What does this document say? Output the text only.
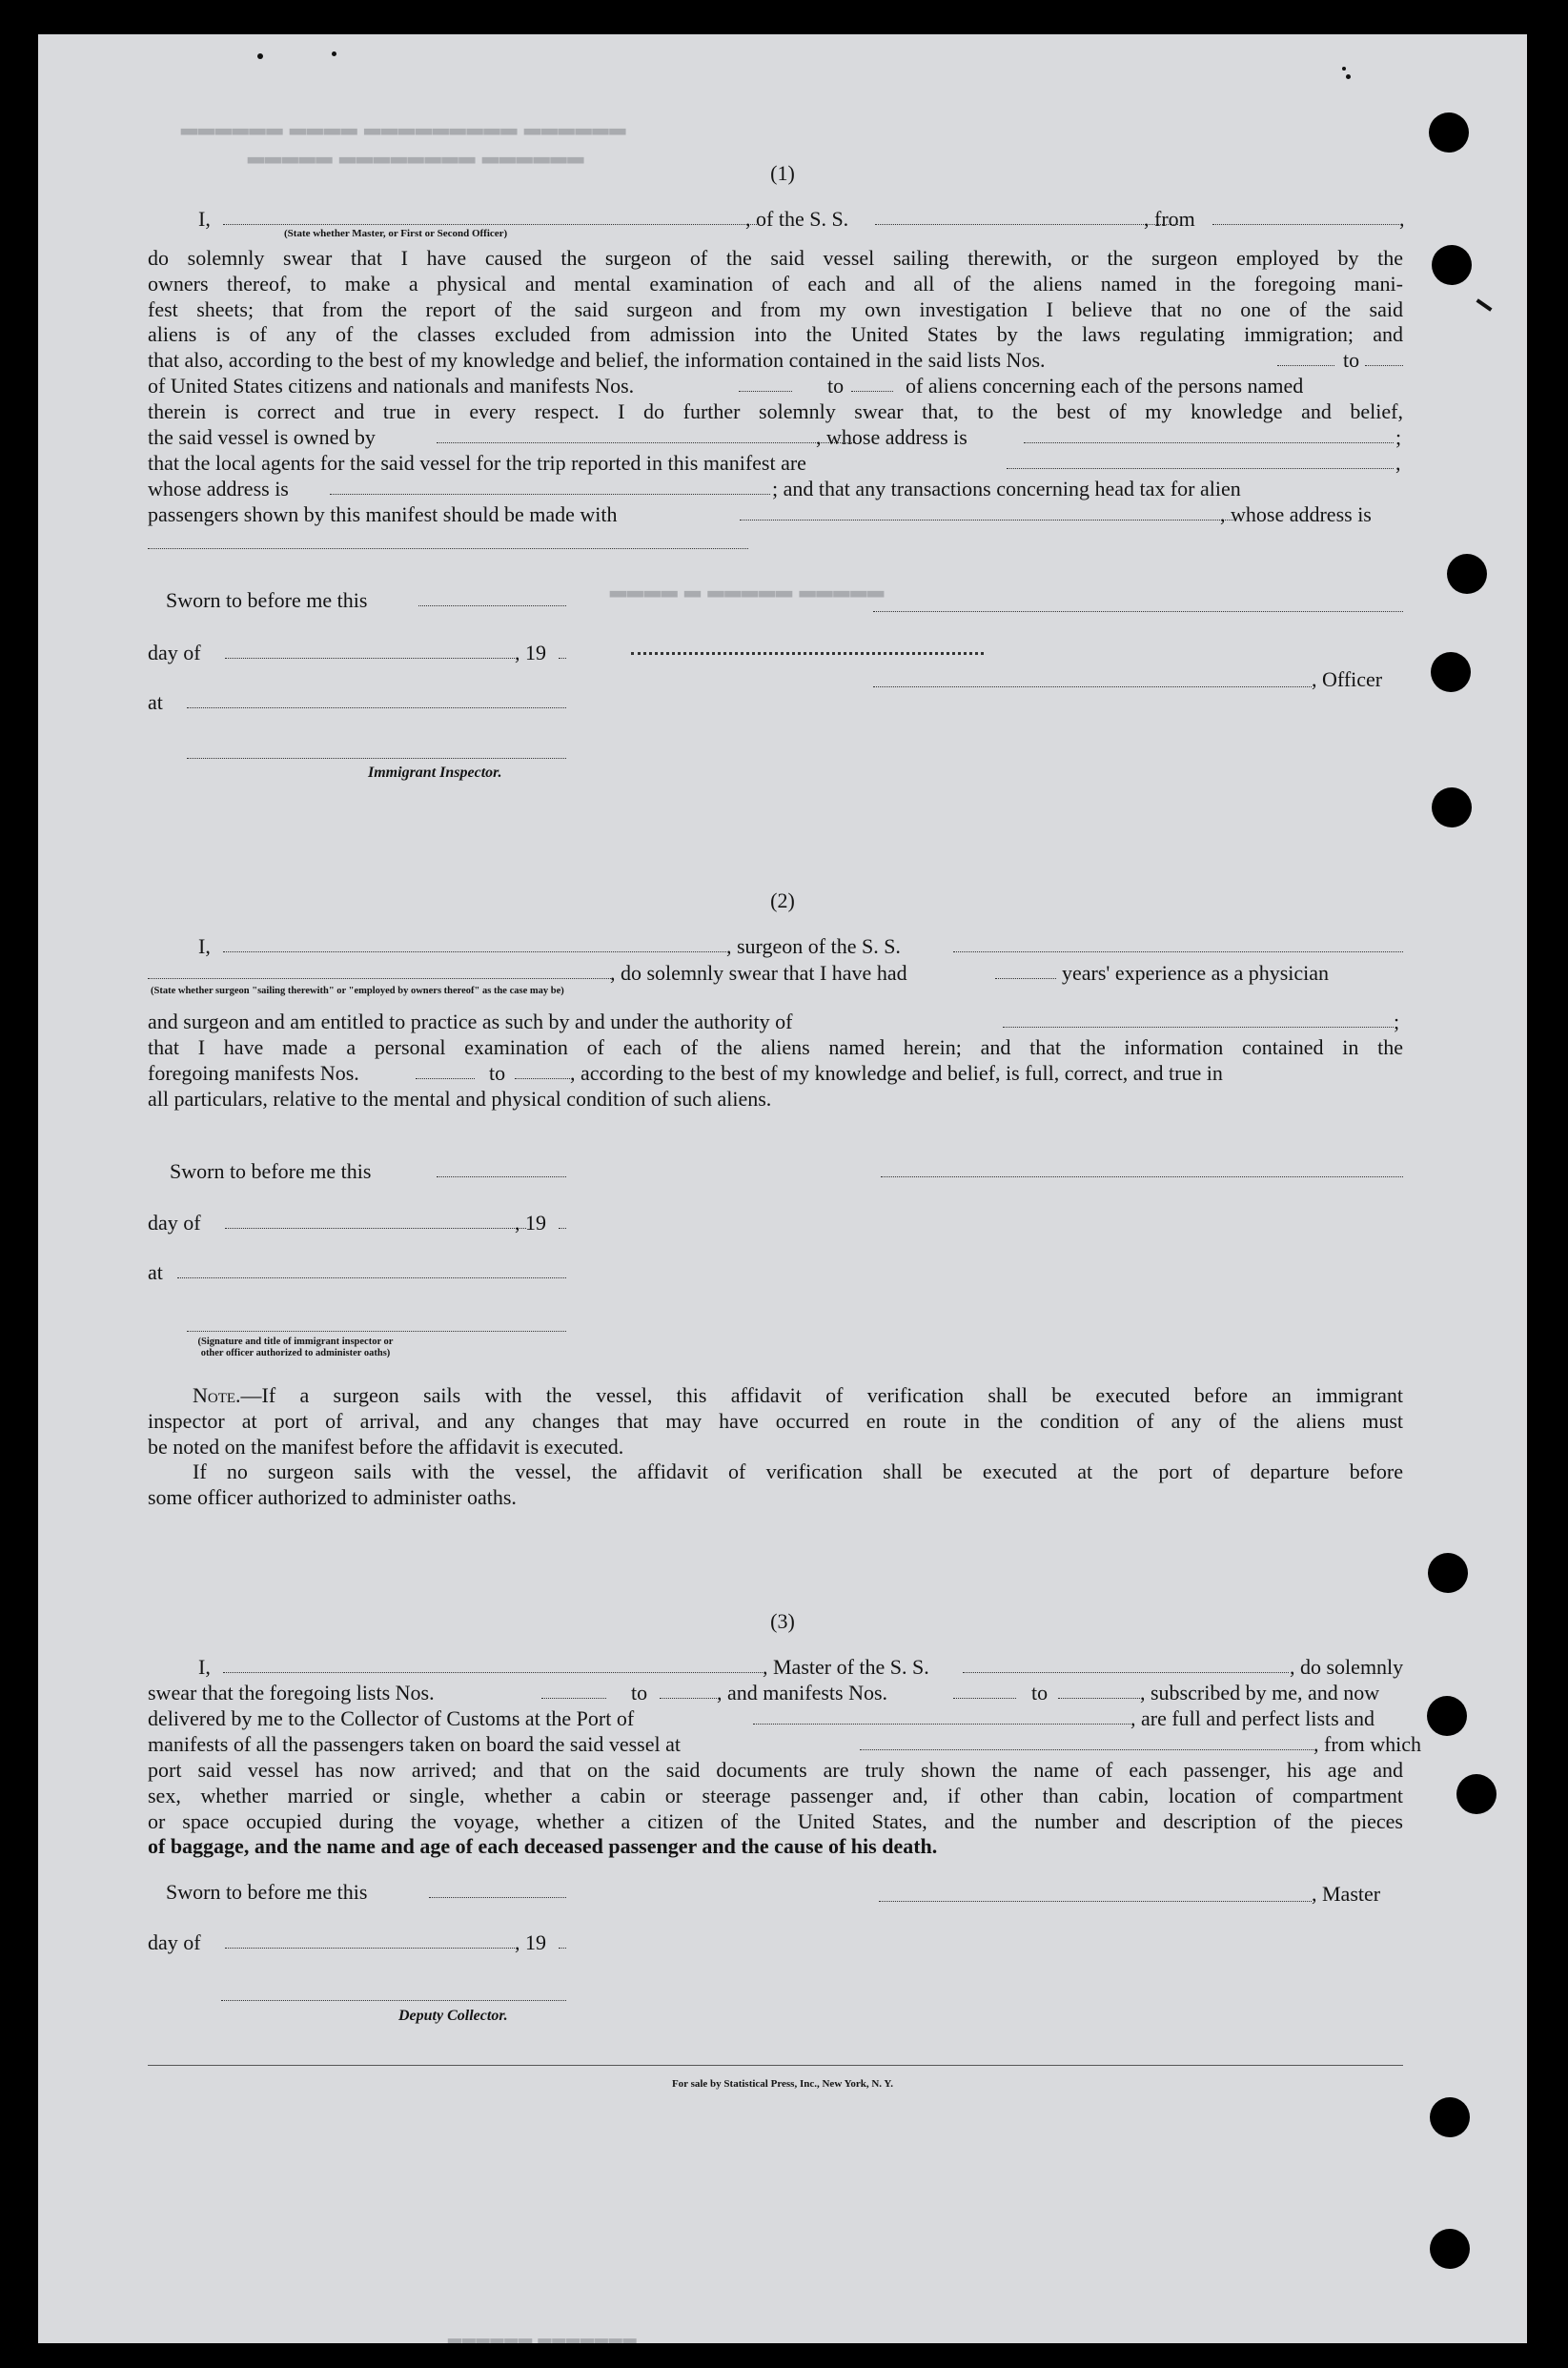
▂▂▂▂▂▂ ▂▂▂▂ ▂▂▂▂▂▂▂▂▂ ▂▂▂▂▂▂
▂▂▂▂▂ ▂▂▂▂▂▂▂▂ ▂▂▂▂▂▂
▂▂▂▂ ▂ ▂▂▂▂▂ ▂▂▂▂▂
▂▂▂▂▂▂ ▂▂▂▂▂▂▂
(1)
I,	, of the S. S.	, from	,
(State whether Master, or First or Second Officer)
do solemnly swear that I have caused the surgeon of the said vessel sailing therewith, or the surgeon employed by the
owners thereof, to make a physical and mental examination of each and all of the aliens named in the foregoing mani-
fest sheets; that from the report of the said surgeon and from my own investigation I believe that no one of the said
aliens is of any of the classes excluded from admission into the United States by the laws regulating immigration; and
that also, according to the best of my knowledge and belief, the information contained in the said lists Nos.	to
of United States citizens and nationals and manifests Nos.	to	of aliens concerning each of the persons named
therein is correct and true in every respect. I do further solemnly swear that, to the best of my knowledge and belief,
the said vessel is owned by	, whose address is	;
that the local agents for the said vessel for the trip reported in this manifest are	,
whose address is	; and that any transactions concerning head tax for alien
passengers shown by this manifest should be made with	, whose address is
Sworn to before me this
day of	, 19
, Officer
at
Immigrant Inspector.
(2)
I,	, surgeon of the S. S.
, do solemnly swear that I have had	years' experience as a physician
(State whether surgeon "sailing therewith" or "employed by owners thereof" as the case may be)
and surgeon and am entitled to practice as such by and under the authority of	;
that I have made a personal examination of each of the aliens named herein; and that the information contained in the
foregoing manifests Nos.	to	, according to the best of my knowledge and belief, is full, correct, and true in
all particulars, relative to the mental and physical condition of such aliens.
Sworn to before me this
day of	, 19
at
(Signature and title of immigrant inspector or
other officer authorized to administer oaths)
Note.—If a surgeon sails with the vessel, this affidavit of verification shall be executed before an immigrant
inspector at port of arrival, and any changes that may have occurred en route in the condition of any of the aliens must
be noted on the manifest before the affidavit is executed.
If no surgeon sails with the vessel, the affidavit of verification shall be executed at the port of departure before
some officer authorized to administer oaths.
(3)
I,	, Master of the S. S.	, do solemnly
swear that the foregoing lists Nos.	to	, and manifests Nos.	to	, subscribed by me, and now
delivered by me to the Collector of Customs at the Port of	, are full and perfect lists and
manifests of all the passengers taken on board the said vessel at	, from which
port said vessel has now arrived; and that on the said documents are truly shown the name of each passenger, his age and
sex, whether married or single, whether a cabin or steerage passenger and, if other than cabin, location of compartment
or space occupied during the voyage, whether a citizen of the United States, and the number and description of the pieces
of baggage, and the name and age of each deceased passenger and the cause of his death.
Sworn to before me this	, Master
day of	, 19
Deputy Collector.
For sale by Statistical Press, Inc., New York, N. Y.
